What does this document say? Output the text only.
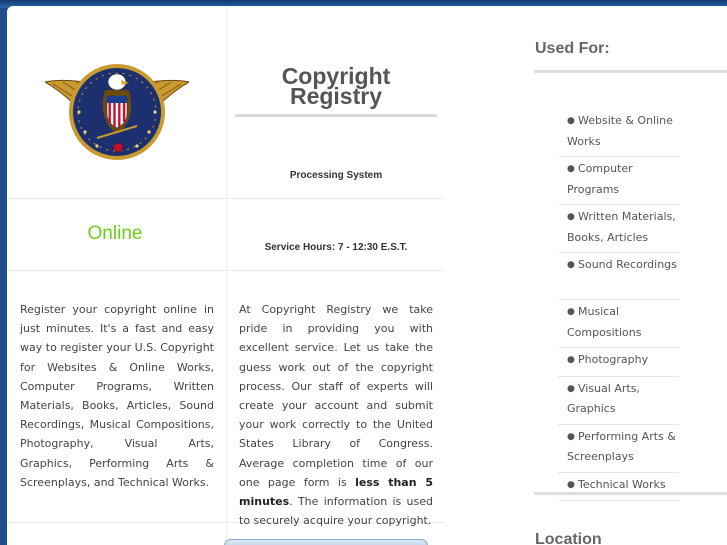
Copyright
Registry
Processing System
Online
Service Hours: 7 - 12:30 E.S.T.
Register your copyright online in just minutes. It's a fast and easy way to register your U.S. Copyright for Websites & Online Works, Computer Programs, Written Materials, Books, Articles, Sound Recordings, Musical Compositions, Photography, Visual Arts, Graphics, Performing Arts & Screenplays, and Technical Works.
At Copyright Registry we take pride in providing you with excellent service. Let us take the guess work out of the copyright process. Our staff of experts will create your account and submit your work correctly to the United States Library of Congress. Average completion time of our one page form is less than 5 minutes. The information is used to securely acquire your copyright.
Used For:
● Website & Online Works
● Computer Programs
● Written Materials, Books, Articles
● Sound Recordings
● Musical Compositions
● Photography
● Visual Arts, Graphics
● Performing Arts & Screenplays
● Technical Works
Location
